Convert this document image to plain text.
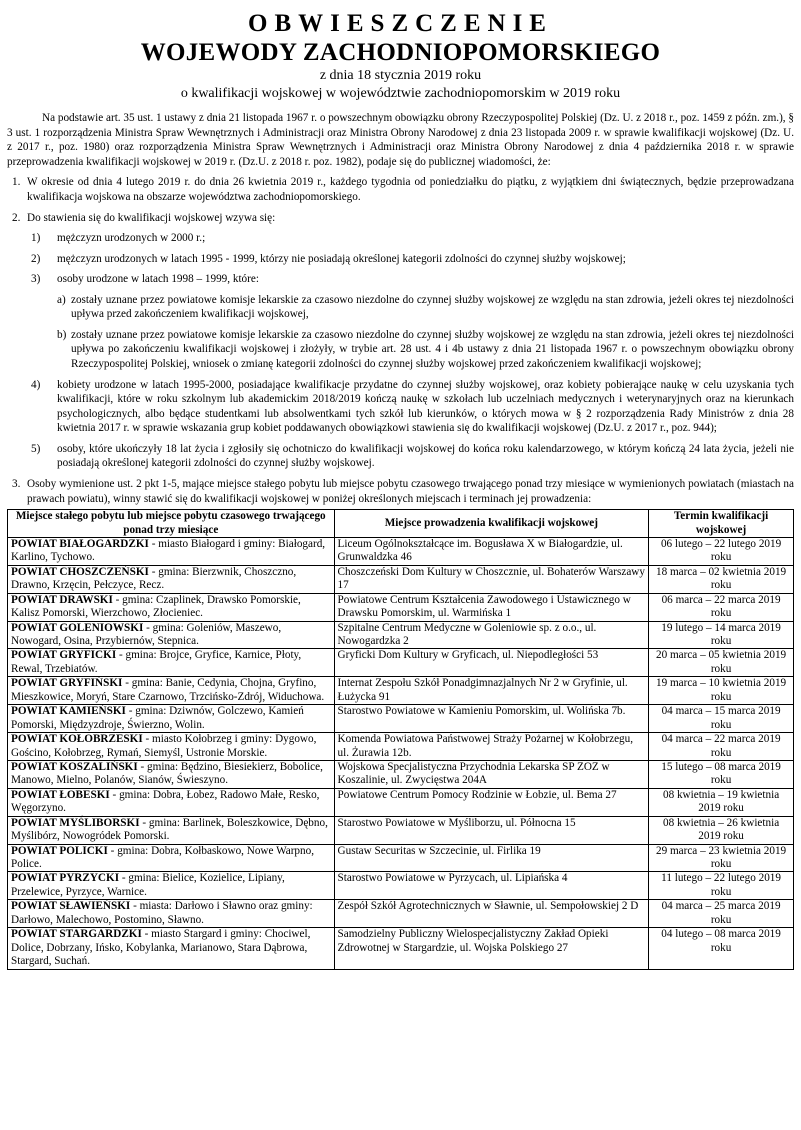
OBWIESZCZENIE
WOJEWODY ZACHODNIOPOMORSKIEGO
z dnia 18 stycznia 2019 roku
o kwalifikacji wojskowej w województwie zachodniopomorskim w 2019 roku

Na podstawie art. 35 ust. 1 ustawy z dnia 21 listopada 1967 r. o powszechnym obowiązku obrony Rzeczypospolitej Polskiej (Dz. U. z 2018 r., poz. 1459 z późn. zm.), § 3 ust. 1 rozporządzenia Ministra Spraw Wewnętrznych i Administracji oraz Ministra Obrony Narodowej z dnia 23 listopada 2009 r. w sprawie kwalifikacji wojskowej (Dz. U. z 2017 r., poz. 1980) oraz rozporządzenia Ministra Spraw Wewnętrznych i Administracji oraz Ministra Obrony Narodowej z dnia 4 października 2018 r. w sprawie przeprowadzenia kwalifikacji wojskowej w 2019 r. (Dz.U. z 2018 r. poz. 1982), podaje się do publicznej wiadomości, że:

1. W okresie od dnia 4 lutego 2019 r. do dnia 26 kwietnia 2019 r., każdego tygodnia od poniedziałku do piątku, z wyjątkiem dni świątecznych, będzie przeprowadzana kwalifikacja wojskowa na obszarze województwa zachodniopomorskiego.
2. Do stawienia się do kwalifikacji wojskowej wzywa się:
1) mężczyzn urodzonych w 2000 r.;
2) mężczyzn urodzonych w latach 1995 - 1999, którzy nie posiadają określonej kategorii zdolności do czynnej służby wojskowej;
3) osoby urodzone w latach 1998 – 1999, które:
a) zostały uznane przez powiatowe komisje lekarskie za czasowo niezdolne do czynnej służby wojskowej ze względu na stan zdrowia, jeżeli okres tej niezdolności upływa przed zakończeniem kwalifikacji wojskowej,
b) zostały uznane przez powiatowe komisje lekarskie za czasowo niezdolne do czynnej służby wojskowej ze względu na stan zdrowia, jeżeli okres tej niezdolności upływa po zakończeniu kwalifikacji wojskowej i złożyły, w trybie art. 28 ust. 4 i 4b ustawy z dnia 21 listopada 1967 r. o powszechnym obowiązku obrony Rzeczypospolitej Polskiej, wniosek o zmianę kategorii zdolności do czynnej służby wojskowej przed zakończeniem kwalifikacji wojskowej;
4) kobiety urodzone w latach 1995-2000, posiadające kwalifikacje przydatne do czynnej służby wojskowej, oraz kobiety pobierające naukę w celu uzyskania tych kwalifikacji, które w roku szkolnym lub akademickim 2018/2019 kończą naukę w szkołach lub uczelniach medycznych i weterynaryjnych oraz na kierunkach psychologicznych, albo będące studentkami lub absolwentkami tych szkół lub kierunków, o których mowa w § 2 rozporządzenia Rady Ministrów z dnia 28 kwietnia 2017 r. w sprawie wskazania grup kobiet poddawanych obowiązkowi stawienia się do kwalifikacji wojskowej (Dz.U. z 2017 r., poz. 944);
5) osoby, które ukończyły 18 lat życia i zgłosiły się ochotniczo do kwalifikacji wojskowej do końca roku kalendarzowego, w którym kończą 24 lata życia, jeżeli nie posiadają określonej kategorii zdolności do czynnej służby wojskowej.
3. Osoby wymienione ust. 2 pkt 1-5, mające miejsce stałego pobytu lub miejsce pobytu czasowego trwającego ponad trzy miesiące w wymienionych powiatach (miastach na prawach powiatu), winny stawić się do kwalifikacji wojskowej w poniżej określonych miejscach i terminach jej prowadzenia:
Miejsce stałego pobytu lub miejsce pobytu czasowego trwającego ponad trzy miesiące	Miejsce prowadzenia kwalifikacji wojskowej	Termin kwalifikacji wojskowej
POWIAT BIAŁOGARDZKI - miasto Białogard i gminy: Białogard, Karlino, Tychowo.	Liceum Ogólnokształcące im. Bogusława X w Białogardzie, ul. Grunwaldzka 46	06 lutego – 22 lutego 2019 roku
POWIAT CHOSZCZEŃSKI - gmina: Bierzwnik, Choszczno, Drawno, Krzęcin, Pełczyce, Recz.	Choszczeński Dom Kultury w Choszcznie, ul. Bohaterów Warszawy 17	18 marca – 02 kwietnia 2019 roku
POWIAT DRAWSKI - gmina: Czaplinek, Drawsko Pomorskie, Kalisz Pomorski, Wierzchowo, Złocieniec.	Powiatowe Centrum Kształcenia Zawodowego i Ustawicznego w Drawsku Pomorskim, ul. Warmińska 1	06 marca – 22 marca 2019 roku
POWIAT GOLENIOWSKI - gmina: Goleniów, Maszewo, Nowogard, Osina, Przybiernów, Stepnica.	Szpitalne Centrum Medyczne w Goleniowie sp. z o.o., ul. Nowogardzka 2	19 lutego – 14 marca 2019 roku
POWIAT GRYFICKI - gmina: Brojce, Gryfice, Karnice, Płoty, Rewal, Trzebiatów.	Gryficki Dom Kultury w Gryficach, ul. Niepodległości 53	20 marca – 05 kwietnia 2019 roku
POWIAT GRYFIŃSKI - gmina: Banie, Cedynia, Chojna, Gryfino, Mieszkowice, Moryń, Stare Czarnowo, Trzcińsko-Zdrój, Widuchowa.	Internat Zespołu Szkół Ponadgimnazjalnych Nr 2 w Gryfinie, ul. Łużycka 91	19 marca – 10 kwietnia 2019 roku
POWIAT KAMIEŃSKI - gmina: Dziwnów, Golczewo, Kamień Pomorski, Międzyzdroje, Świerzno, Wolin.	Starostwo Powiatowe w Kamieniu Pomorskim, ul. Wolińska 7b.	04 marca – 15 marca 2019 roku
POWIAT KOŁOBRZESKI - miasto Kołobrzeg i gminy: Dygowo, Gościno, Kołobrzeg, Rymań, Siemyśl, Ustronie Morskie.	Komenda Powiatowa Państwowej Straży Pożarnej w Kołobrzegu, ul. Żurawia 12b.	04 marca – 22 marca 2019 roku
POWIAT KOSZALIŃSKI - gmina: Będzino, Biesiekierz, Bobolice, Manowo, Mielno, Polanów, Sianów, Świeszyno.	Wojskowa Specjalistyczna Przychodnia Lekarska SP ZOZ w Koszalinie, ul. Zwycięstwa 204A	15 lutego – 08 marca 2019 roku
POWIAT ŁOBESKI - gmina: Dobra, Łobez, Radowo Małe, Resko, Węgorzyno.	Powiatowe Centrum Pomocy Rodzinie w Łobzie, ul. Bema 27	08 kwietnia – 19 kwietnia 2019 roku
POWIAT MYŚLIBORSKI - gmina: Barlinek, Boleszkowice, Dębno, Myślibórz, Nowogródek Pomorski.	Starostwo Powiatowe w Myśliborzu, ul. Północna 15	08 kwietnia – 26 kwietnia 2019 roku
POWIAT POLICKI - gmina: Dobra, Kołbaskowo, Nowe Warpno, Police.	Gustaw Securitas w Szczecinie, ul. Firlika 19	29 marca – 23 kwietnia 2019 roku
POWIAT PYRZYCKI - gmina: Bielice, Kozielice, Lipiany, Przelewice, Pyrzyce, Warnice.	Starostwo Powiatowe w Pyrzycach, ul. Lipiańska 4	11 lutego – 22 lutego 2019 roku
POWIAT SŁAWIEŃSKI - miasta: Darłowo i Sławno oraz gminy: Darłowo, Malechowo, Postomino, Sławno.	Zespół Szkół Agrotechnicznych w Sławnie, ul. Sempołowskiej 2 D	04 marca – 25 marca 2019 roku
POWIAT STARGARDZKI - miasto Stargard i gminy: Chociwel, Dolice, Dobrzany, Ińsko, Kobylanka, Marianowo, Stara Dąbrowa, Stargard, Suchań.	Samodzielny Publiczny Wielospecjalistyczny Zakład Opieki Zdrowotnej w Stargardzie, ul. Wojska Polskiego 27	04 lutego – 08 marca 2019 roku
